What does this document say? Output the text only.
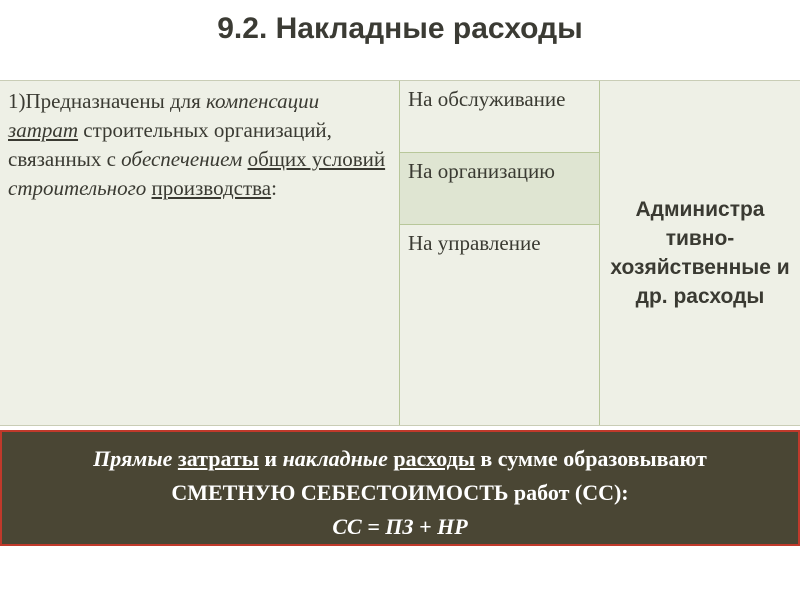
9.2. Накладные расходы
1)Предназначены для компенсации затрат строительных организаций, связанных с обеспечением общих условий строительного производства:
На обслуживание
На организацию
На управление
Администра тивно-хозяйственные и др. расходы
Прямые затраты и накладные расходы в сумме образовывают
СМЕТНУЮ СЕБЕСТОИМОСТЬ работ (СС):
СС = ПЗ + НР
